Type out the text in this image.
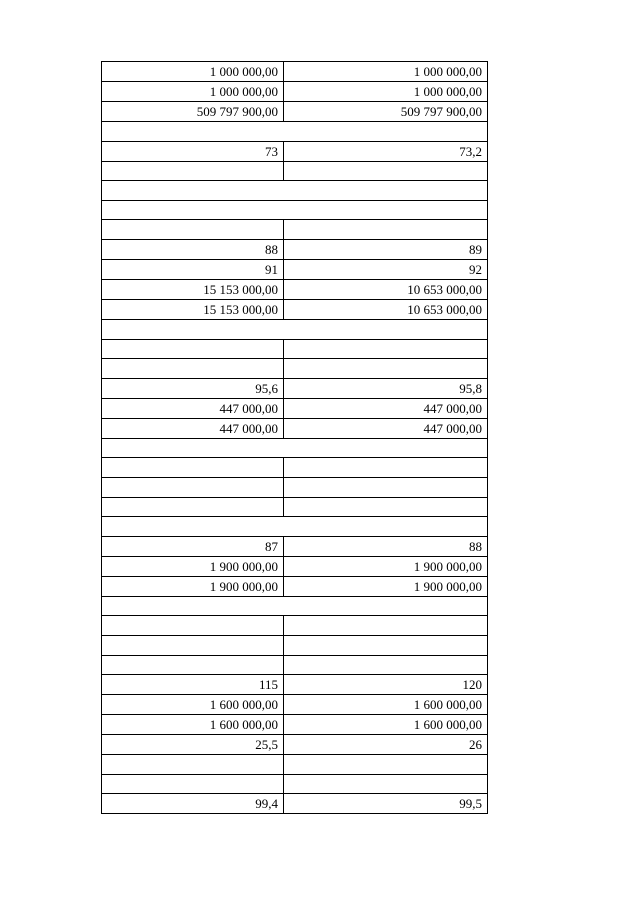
1 000 000,00	1 000 000,00
1 000 000,00	1 000 000,00
509 797 900,00	509 797 900,00

73	73,2

88	89
91	92
15 153 000,00	10 653 000,00
15 153 000,00	10 653 000,00

95,6	95,8
447 000,00	447 000,00
447 000,00	447 000,00

87	88
1 900 000,00	1 900 000,00
1 900 000,00	1 900 000,00

115	120
1 600 000,00	1 600 000,00
1 600 000,00	1 600 000,00
25,5	26

99,4	99,5
